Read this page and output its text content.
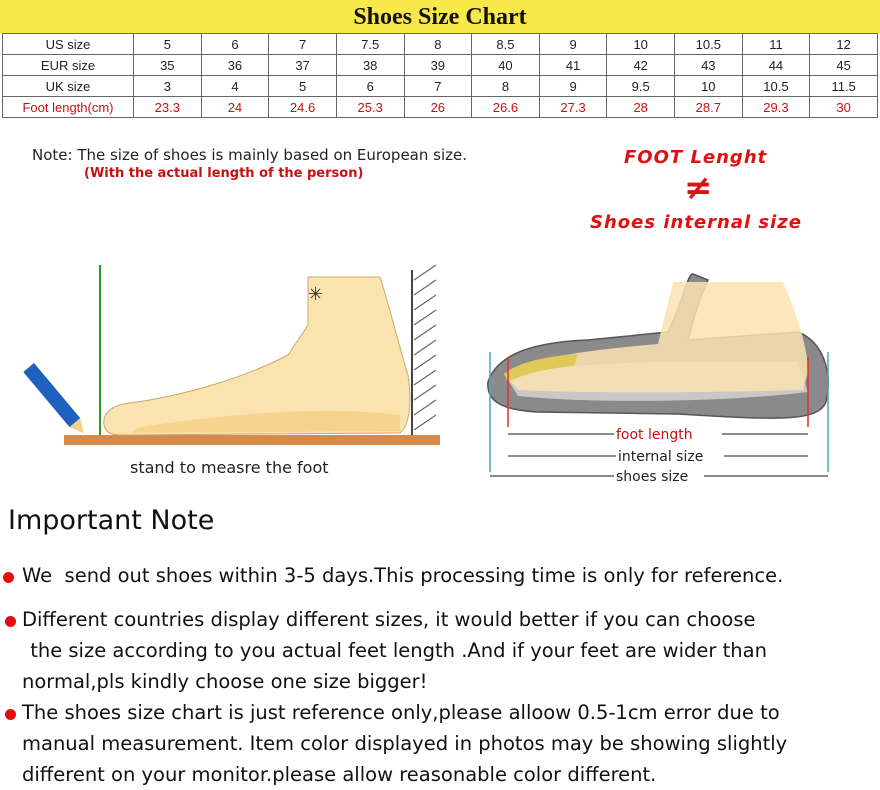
Shoes Size Chart
US size	5	6	7	7.5	8	8.5	9	10	10.5	11	12
EUR size	35	36	37	38	39	40	41	42	43	44	45
UK size	3	4	5	6	7	8	9	9.5	10	10.5	11.5
Foot length(cm)	23.3	24	24.6	25.3	26	26.6	27.3	28	28.7	29.3	30
Note: The size of shoes is mainly based on European size.
(With the actual length of the person)
FOOT Lenght
≠
Shoes internal size
✳
stand to measre the foot
foot length
internal size
shoes size
Important Note
We  send out shoes within 3-5 days.This processing time is only for reference.
Different countries display different sizes, it would better if you can choose
the size according to you actual feet length .And if your feet are wider than
normal,pls kindly choose one size bigger!
The shoes size chart is just reference only,please alloow 0.5-1cm error due to
manual measurement. Item color displayed in photos may be showing slightly
different on your monitor.please allow reasonable color different.
